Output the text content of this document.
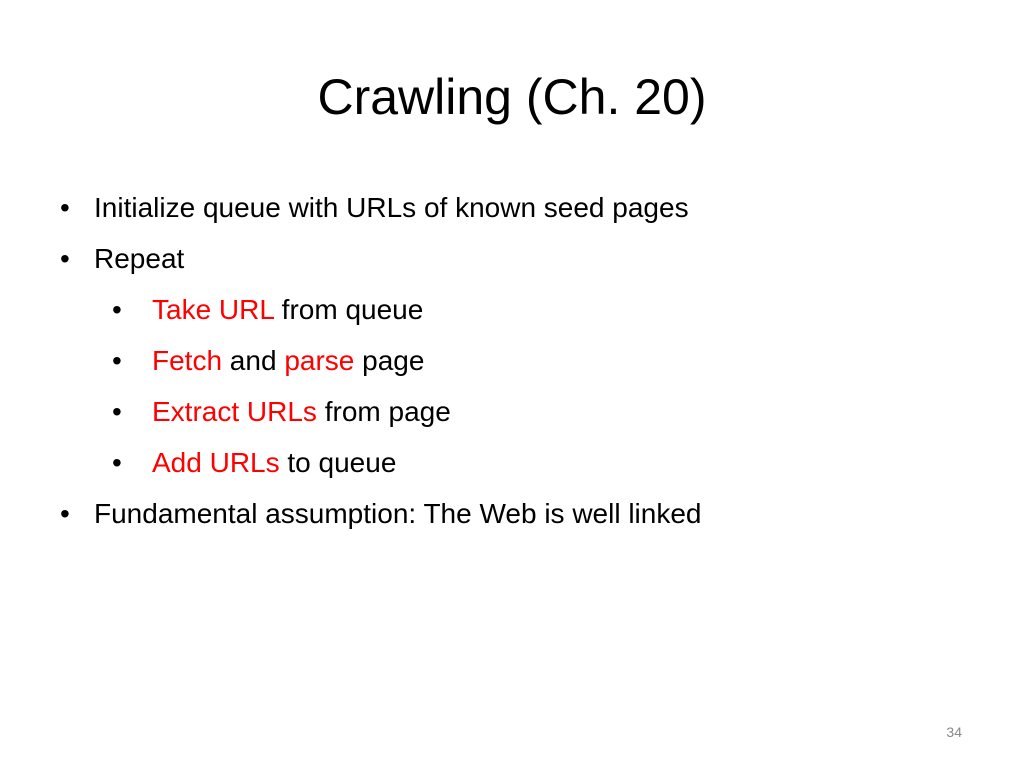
Crawling (Ch. 20)
• Initialize queue with URLs of known seed pages
• Repeat
• Take URL from queue
• Fetch and parse page
• Extract URLs from page
• Add URLs to queue
• Fundamental assumption: The Web is well linked
34
